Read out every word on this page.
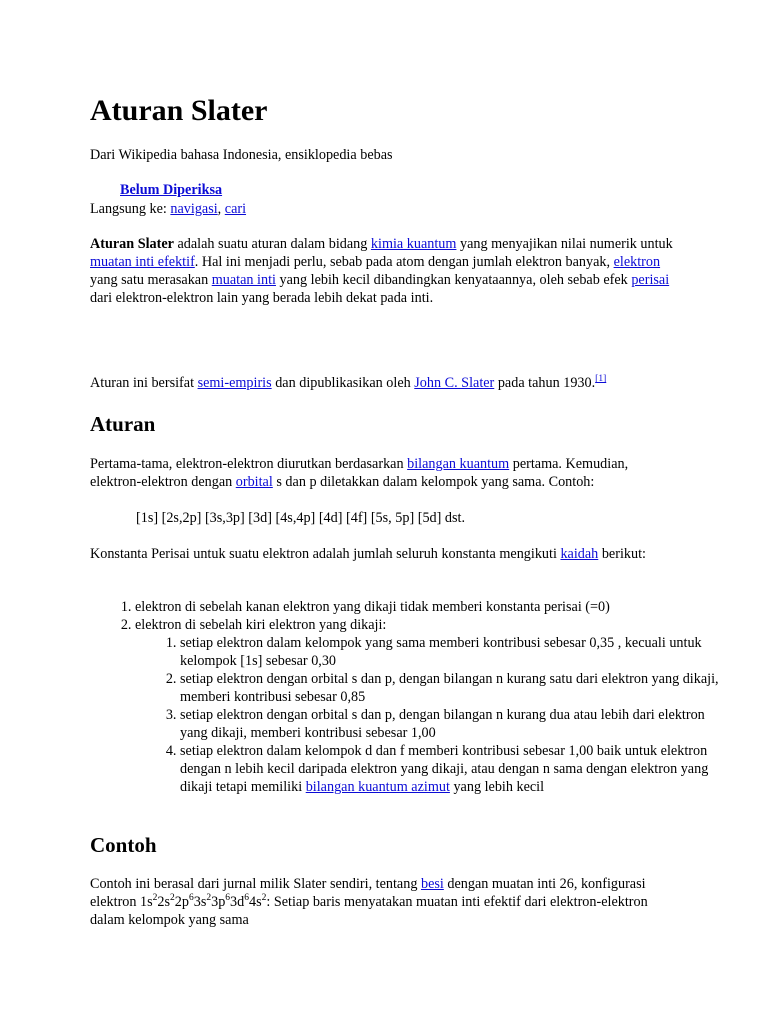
Aturan Slater
Dari Wikipedia bahasa Indonesia, ensiklopedia bebas
Belum Diperiksa
Langsung ke: navigasi, cari

Aturan Slater adalah suatu aturan dalam bidang kimia kuantum yang menyajikan nilai numerik untuk muatan inti efektif. Hal ini menjadi perlu, sebab pada atom dengan jumlah elektron banyak, elektron yang satu merasakan muatan inti yang lebih kecil dibandingkan kenyataannya, oleh sebab efek perisai dari elektron-elektron lain yang berada lebih dekat pada inti.

Aturan ini bersifat semi-empiris dan dipublikasikan oleh John C. Slater pada tahun 1930.[1]

Aturan

Pertama-tama, elektron-elektron diurutkan berdasarkan bilangan kuantum pertama. Kemudian, elektron-elektron dengan orbital s dan p diletakkan dalam kelompok yang sama. Contoh:

[1s] [2s,2p] [3s,3p] [3d] [4s,4p] [4d] [4f] [5s, 5p] [5d] dst.

Konstanta Perisai untuk suatu elektron adalah jumlah seluruh konstanta mengikuti kaidah berikut:

1. elektron di sebelah kanan elektron yang dikaji tidak memberi konstanta perisai (=0)
2. elektron di sebelah kiri elektron yang dikaji:
1. setiap elektron dalam kelompok yang sama memberi kontribusi sebesar 0,35 , kecuali untuk kelompok [1s] sebesar 0,30
2. setiap elektron dengan orbital s dan p, dengan bilangan n kurang satu dari elektron yang dikaji, memberi kontribusi sebesar 0,85
3. setiap elektron dengan orbital s dan p, dengan bilangan n kurang dua atau lebih dari elektron yang dikaji, memberi kontribusi sebesar 1,00
4. setiap elektron dalam kelompok d dan f memberi kontribusi sebesar 1,00 baik untuk elektron dengan n lebih kecil daripada elektron yang dikaji, atau dengan n sama dengan elektron yang dikaji tetapi memiliki bilangan kuantum azimut yang lebih kecil
Contoh

Contoh ini berasal dari jurnal milik Slater sendiri, tentang besi dengan muatan inti 26, konfigurasi elektron $1s^22s^22p^63s^23p^63d^64s^2$: Setiap baris menyatakan muatan inti efektif dari elektron-elektron dalam kelompok yang sama
